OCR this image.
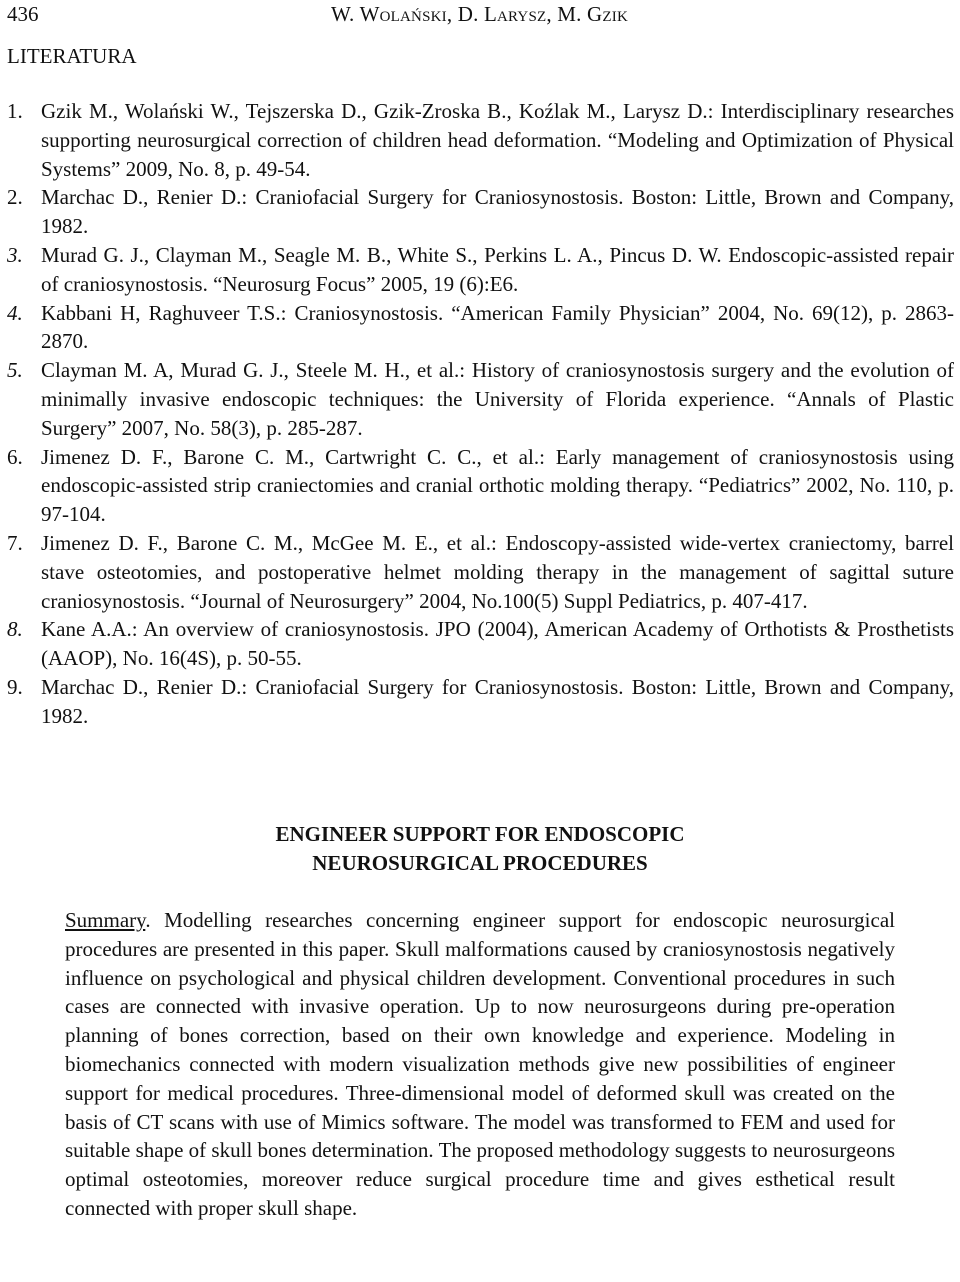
436	W. Wolański, D. Larysz, M. Gzik
LITERATURA
1. Gzik M., Wolański W., Tejszerska D., Gzik-Zroska B., Koźlak M., Larysz D.: Interdisciplinary researches supporting neurosurgical correction of children head deformation. “Modeling and Optimization of Physical Systems” 2009, No. 8, p. 49-54.
2. Marchac D., Renier D.: Craniofacial Surgery for Craniosynostosis. Boston: Little, Brown and Company, 1982.
3. Murad G. J., Clayman M., Seagle M. B., White S., Perkins L. A., Pincus D. W. Endoscopic-assisted repair of craniosynostosis. “Neurosurg Focus” 2005, 19 (6):E6.
4. Kabbani H, Raghuveer T.S.: Craniosynostosis. “American Family Physician” 2004, No. 69(12), p. 2863-2870.
5. Clayman M. A, Murad G. J., Steele M. H., et al.: History of craniosynostosis surgery and the evolution of minimally invasive endoscopic techniques: the University of Florida experience. “Annals of Plastic Surgery” 2007, No. 58(3), p. 285-287.
6. Jimenez D. F., Barone C. M., Cartwright C. C., et al.: Early management of craniosynostosis using endoscopic-assisted strip craniectomies and cranial orthotic molding therapy. “Pediatrics” 2002, No. 110, p. 97-104.
7. Jimenez D. F., Barone C. M., McGee M. E., et al.: Endoscopy-assisted wide-vertex craniectomy, barrel stave osteotomies, and postoperative helmet molding therapy in the management of sagittal suture craniosynostosis. “Journal of Neurosurgery” 2004, No.100(5) Suppl Pediatrics, p. 407-417.
8. Kane A.A.: An overview of craniosynostosis. JPO (2004), American Academy of Orthotists & Prosthetists (AAOP), No. 16(4S), p. 50-55.
9. Marchac D., Renier D.: Craniofacial Surgery for Craniosynostosis. Boston: Little, Brown and Company, 1982.
ENGINEER SUPPORT FOR ENDOSCOPIC
NEUROSURGICAL PROCEDURES

Summary. Modelling researches concerning engineer support for endoscopic neurosurgical procedures are presented in this paper. Skull malformations caused by craniosynostosis negatively influence on psychological and physical children development. Conventional procedures in such cases are connected with invasive operation. Up to now neurosurgeons during pre-operation planning of bones correction, based on their own knowledge and experience. Modeling in biomechanics connected with modern visualization methods give new possibilities of engineer support for medical procedures. Three-dimensional model of deformed skull was created on the basis of CT scans with use of Mimics software. The model was transformed to FEM and used for suitable shape of skull bones determination. The proposed methodology suggests to neurosurgeons optimal osteotomies, moreover reduce surgical procedure time and gives esthetical result connected with proper skull shape.
